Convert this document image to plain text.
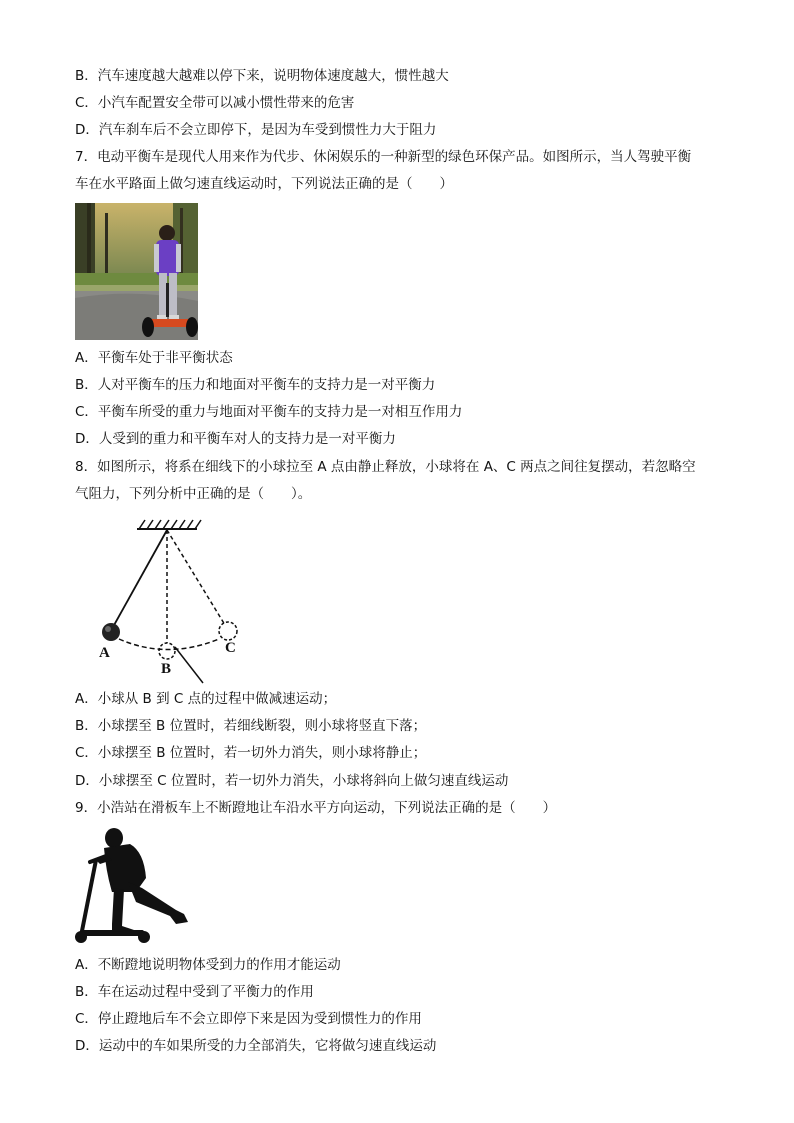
B．汽车速度越大越难以停下来，说明物体速度越大，惯性越大
C．小汽车配置安全带可以减小惯性带来的危害
D．汽车刹车后不会立即停下，是因为车受到惯性力大于阻力
7．电动平衡车是现代人用来作为代步、休闲娱乐的一种新型的绿色环保产品。如图所示，当人驾驶平衡
车在水平路面上做匀速直线运动时，下列说法正确的是（　　）
A．平衡车处于非平衡状态
B．人对平衡车的压力和地面对平衡车的支持力是一对平衡力
C．平衡车所受的重力与地面对平衡车的支持力是一对相互作用力
D．人受到的重力和平衡车对人的支持力是一对平衡力
8．如图所示，将系在细线下的小球拉至 A 点由静止释放，小球将在 A、C 两点之间往复摆动，若忽略空
气阻力，下列分析中正确的是（　　）。
A
B
C
A．小球从 B 到 C 点的过程中做减速运动；
B．小球摆至 B 位置时，若细线断裂，则小球将竖直下落；
C．小球摆至 B 位置时，若一切外力消失，则小球将静止；
D．小球摆至 C 位置时，若一切外力消失，小球将斜向上做匀速直线运动
9．小浩站在滑板车上不断蹬地让车沿水平方向运动，下列说法正确的是（　　）
A．不断蹬地说明物体受到力的作用才能运动
B．车在运动过程中受到了平衡力的作用
C．停止蹬地后车不会立即停下来是因为受到惯性力的作用
D．运动中的车如果所受的力全部消失，它将做匀速直线运动
